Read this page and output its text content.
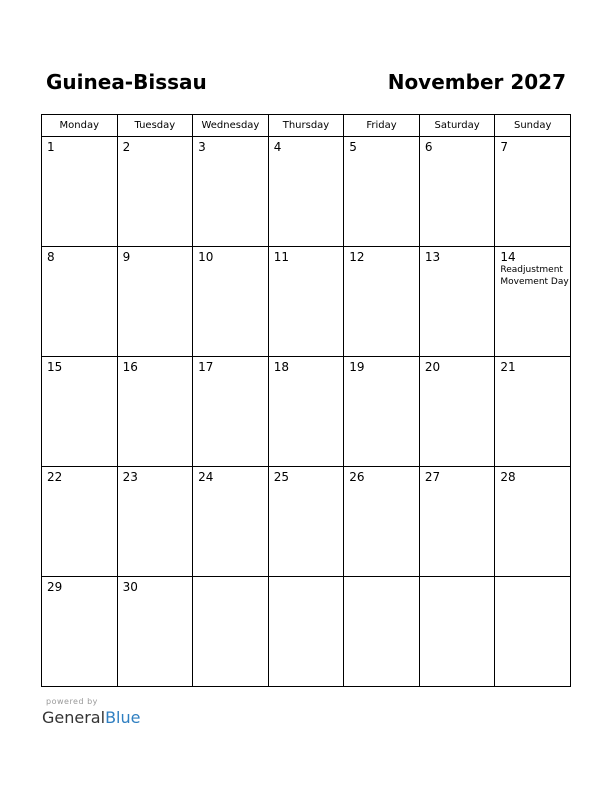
Guinea-Bissau	November 2027
Monday	Tuesday	Wednesday	Thursday	Friday	Saturday	Sunday

1	2	3	4	5	6	7

8	9	10	11	12	13	14
Readjustment Movement Day

15	16	17	18	19	20	21

22	23	24	25	26	27	28

29	30					

powered by
GeneralBlue
